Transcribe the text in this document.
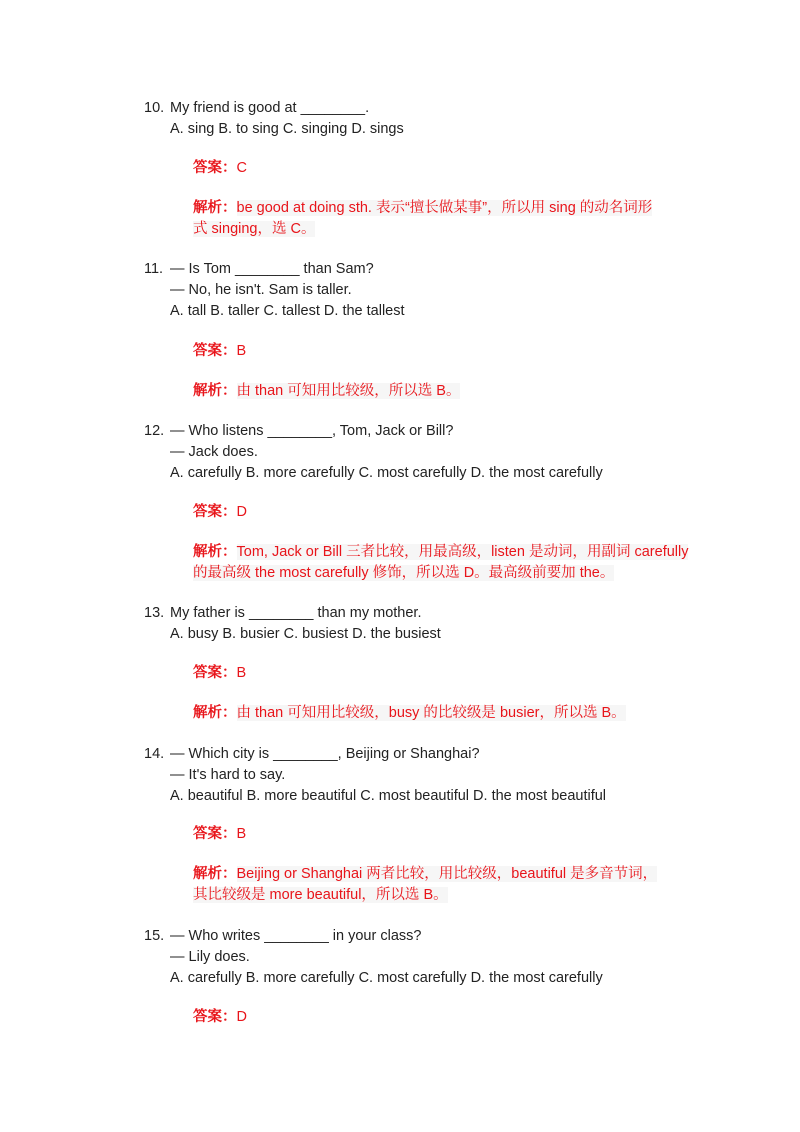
10. My friend is good at ________.
A. sing B. to sing C. singing D. sings
答案：C
解析：be good at doing sth. 表示“擅长做某事”，所以用 sing 的动名词形
式 singing，选 C。
11. — Is Tom ________ than Sam?
— No, he isn't. Sam is taller.
A. tall B. taller C. tallest D. the tallest
答案：B
解析：由 than 可知用比较级，所以选 B。
12. — Who listens ________, Tom, Jack or Bill?
— Jack does.
A. carefully B. more carefully C. most carefully D. the most carefully
答案：D
解析：Tom, Jack or Bill 三者比较，用最高级，listen 是动词，用副词 carefully
的最高级 the most carefully 修饰，所以选 D。最高级前要加 the。
13. My father is ________ than my mother.
A. busy B. busier C. busiest D. the busiest
答案：B
解析：由 than 可知用比较级，busy 的比较级是 busier，所以选 B。
14. — Which city is ________, Beijing or Shanghai?
— It's hard to say.
A. beautiful B. more beautiful C. most beautiful D. the most beautiful
答案：B
解析：Beijing or Shanghai 两者比较，用比较级，beautiful 是多音节词，
其比较级是 more beautiful，所以选 B。
15. — Who writes ________ in your class?
— Lily does.
A. carefully B. more carefully C. most carefully D. the most carefully
答案：D
